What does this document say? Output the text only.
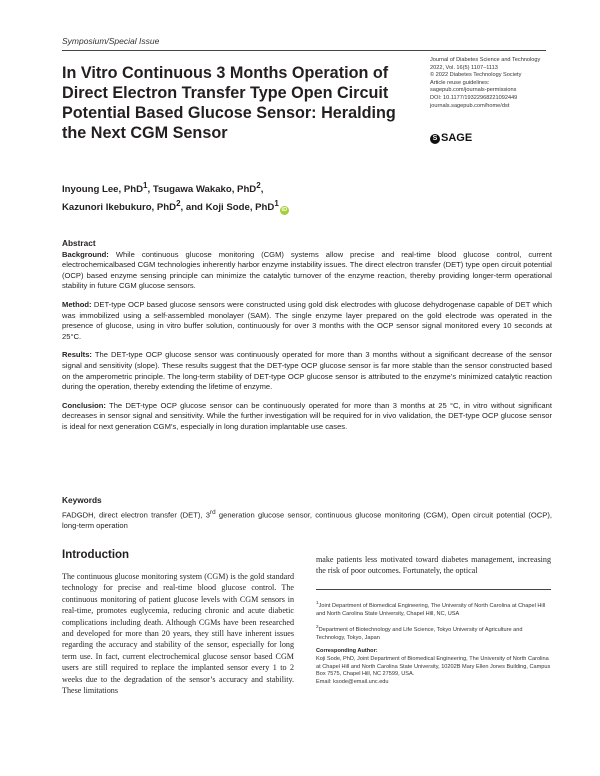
Symposium/Special Issue
In Vitro Continuous 3 Months Operation of Direct Electron Transfer Type Open Circuit Potential Based Glucose Sensor: Heralding the Next CGM Sensor
Journal of Diabetes Science and Technology
2022, Vol. 16(5) 1107–1113
© 2022 Diabetes Technology Society
Article reuse guidelines:
sagepub.com/journals-permissions
DOI: 10.1177/19322968221092449
journals.sagepub.com/home/dst
S SAGE
Inyoung Lee, PhD$^1$, Tsugawa Wakako, PhD$^2$,
Kazunori Ikebukuro, PhD$^2$, and Koji Sode, PhD$^1$iD
Abstract

Background: While continuous glucose monitoring (CGM) systems allow precise and real-time blood glucose control, current electrochemicalbased CGM technologies inherently harbor enzyme instability issues. The direct electron transfer (DET) type open circuit potential (OCP) based enzyme sensing principle can minimize the catalytic turnover of the enzyme reaction, thereby providing longer-term operational stability in future CGM glucose sensors.

Method: DET-type OCP based glucose sensors were constructed using gold disk electrodes with glucose dehydrogenase capable of DET which was immobilized using a self-assembled monolayer (SAM). The single enzyme layer prepared on the gold electrode was operated in the presence of glucose, using in vitro buffer solution, continuously for over 3 months with the OCP sensor signal monitored every 10 seconds at 25°C.

Results: The DET-type OCP glucose sensor was continuously operated for more than 3 months without a significant decrease of the sensor signal and sensitivity (slope). These results suggest that the DET-type OCP glucose sensor is far more stable than the sensor constructed based on the amperometric principle. The long-term stability of DET-type OCP glucose sensor is attributed to the enzyme’s minimized catalytic reaction during the operation, thereby extending the lifetime of enzyme.

Conclusion: The DET-type OCP glucose sensor can be continuously operated for more than 3 months at 25 °C, in vitro without significant decreases in sensor signal and sensitivity. While the further investigation will be required for in vivo validation, the DET-type OCP glucose sensor is ideal for next generation CGM’s, especially in long duration implantable use cases.

Keywords
FADGDH, direct electron transfer (DET), 3rd generation glucose sensor, continuous glucose monitoring (CGM), Open circuit potential (OCP), long-term operation
Introduction
The continuous glucose monitoring system (CGM) is the gold standard technology for precise and real-time blood glucose control. The continuous monitoring of patient glucose levels with CGM sensors in real-time, promotes euglycemia, reducing chronic and acute diabetic complications including death. Although CGMs have been researched and developed for more than 20 years, they still have inherent issues regarding the accuracy and stability of the sensor, especially for long term use. In fact, current electrochemical glucose sensor based CGM users are still required to replace the implanted sensor every 1 to 2 weeks due to the degradation of the sensor’s accuracy and stability. These limitations
make patients less motivated toward diabetes management, increasing the risk of poor outcomes. Fortunately, the optical

$^1$Joint Department of Biomedical Engineering, The University of North Carolina at Chapel Hill and North Carolina State University, Chapel Hill, NC, USA

$^2$Department of Biotechnology and Life Science, Tokyo University of Agriculture and Technology, Tokyo, Japan

Corresponding Author:
Koji Sode, PhD, Joint Department of Biomedical Engineering, The University of North Carolina at Chapel Hill and North Carolina State University, 10202B Mary Ellen Jones Building, Campus Box 7575, Chapel Hill, NC 27599, USA.
Email: ksode@email.unc.edu
